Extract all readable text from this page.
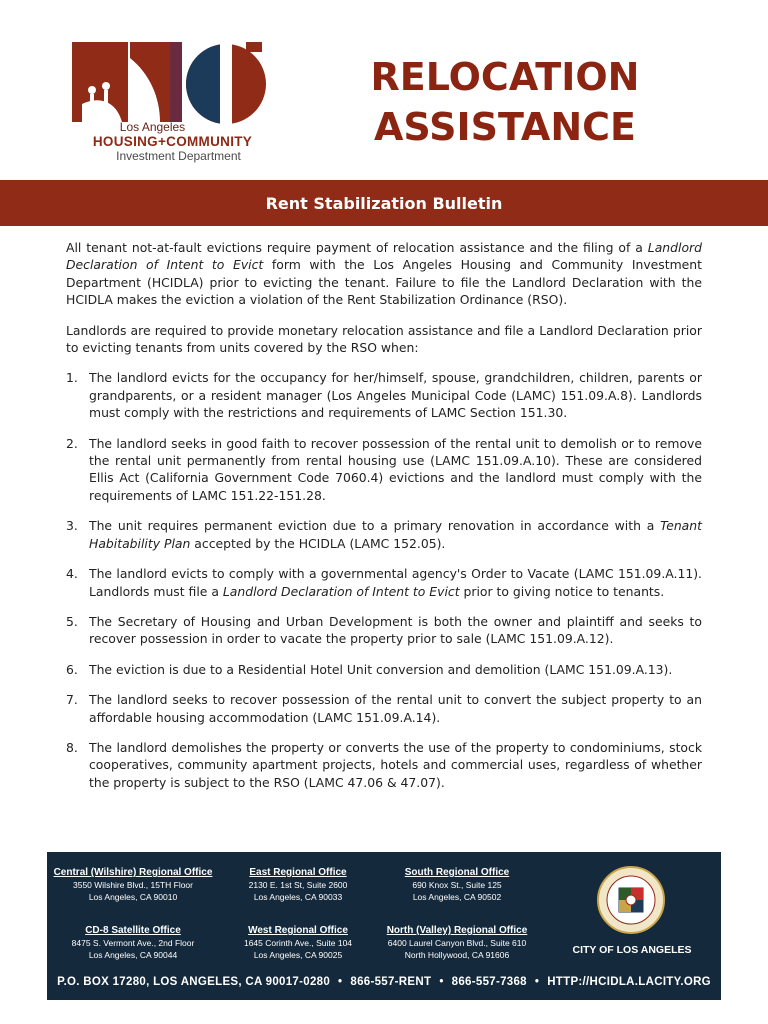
Los Angeles
HOUSING+COMMUNITY
Investment Department
RELOCATION
ASSISTANCE
Rent Stabilization Bulletin

All tenant not-at-fault evictions require payment of relocation assistance and the filing of a Landlord Declaration of Intent to Evict form with the Los Angeles Housing and Community Investment Department (HCIDLA) prior to evicting the tenant. Failure to file the Landlord Declaration with the HCIDLA makes the eviction a violation of the Rent Stabilization Ordinance (RSO).

Landlords are required to provide monetary relocation assistance and file a Landlord Declaration prior to evicting tenants from units covered by the RSO when:

1. The landlord evicts for the occupancy for her/himself, spouse, grandchildren, children, parents or grandparents, or a resident manager (Los Angeles Municipal Code (LAMC) 151.09.A.8). Landlords must comply with the restrictions and requirements of LAMC Section 151.30.
2. The landlord seeks in good faith to recover possession of the rental unit to demolish or to remove the rental unit permanently from rental housing use (LAMC 151.09.A.10). These are considered Ellis Act (California Government Code 7060.4) evictions and the landlord must comply with the requirements of LAMC 151.22-151.28.
3. The unit requires permanent eviction due to a primary renovation in accordance with a Tenant Habitability Plan accepted by the HCIDLA (LAMC 152.05).
4. The landlord evicts to comply with a governmental agency's Order to Vacate (LAMC 151.09.A.11). Landlords must file a Landlord Declaration of Intent to Evict prior to giving notice to tenants.
5. The Secretary of Housing and Urban Development is both the owner and plaintiff and seeks to recover possession in order to vacate the property prior to sale (LAMC 151.09.A.12).
6. The eviction is due to a Residential Hotel Unit conversion and demolition (LAMC 151.09.A.13).
7. The landlord seeks to recover possession of the rental unit to convert the subject property to an affordable housing accommodation (LAMC 151.09.A.14).
8. The landlord demolishes the property or converts the use of the property to condominiums, stock cooperatives, community apartment projects, hotels and commercial uses, regardless of whether the property is subject to the RSO (LAMC 47.06 & 47.07).
Central (Wilshire) Regional Office
3550 Wilshire Blvd., 15TH Floor
Los Angeles, CA 90010
East Regional Office
2130 E. 1st St, Suite 2600
Los Angeles, CA 90033
South Regional Office
690 Knox St., Suite 125
Los Angeles, CA 90502
CD-8 Satellite Office
8475 S. Vermont Ave., 2nd Floor
Los Angeles, CA 90044
West Regional Office
1645 Corinth Ave., Suite 104
Los Angeles, CA 90025
North (Valley) Regional Office
6400 Laurel Canyon Blvd., Suite 610
North Hollywood, CA 91606	CITY OF LOS ANGELES
P.O. BOX 17280, LOS ANGELES, CA 90017-0280 • 866-557-RENT • 866-557-7368 • HTTP://HCIDLA.LACITY.ORG
